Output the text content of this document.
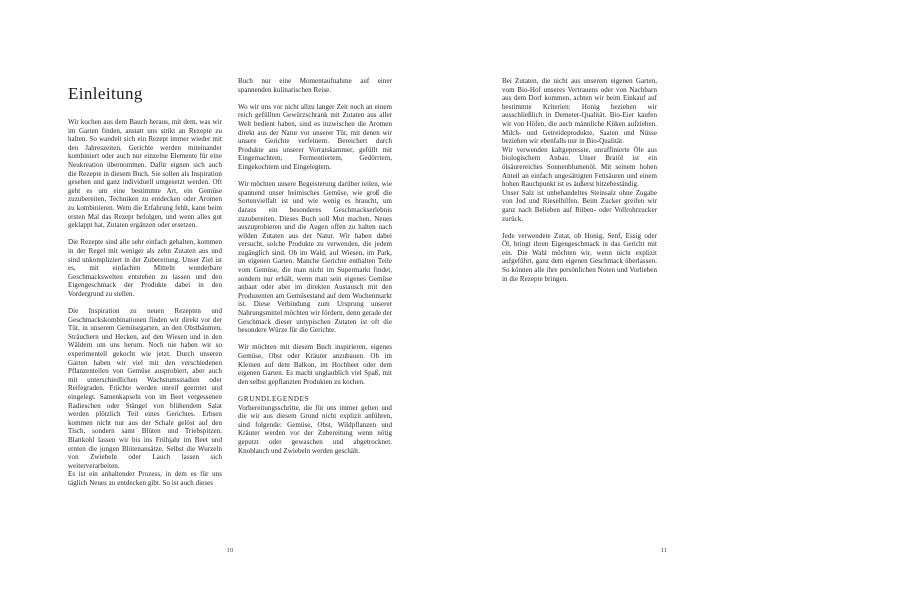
Einleitung

Wir kochen aus dem Bauch heraus, mit dem, was wir im Garten finden, anstatt uns strikt an Rezepte zu halten. So wandelt sich ein Rezept immer wieder mit den Jahreszeiten. Gerichte werden miteinander kombiniert oder auch nur einzelne Elemente für eine Neukreation übernommen. Dafür eignen sich auch die Rezepte in diesem Buch. Sie sollen als Inspiration gesehen und ganz individuell umgesetzt werden. Oft geht es um eine bestimmte Art, ein Gemüse zuzubereiten, Techniken zu entdecken oder Aromen zu kombinieren. Wem die Erfahrung fehlt, kann beim ersten Mal das Rezept befolgen, und wenn alles gut geklappt hat, Zutaten ergänzen oder ersetzen.

Die Rezepte sind alle sehr einfach gehalten, kommen in der Regel mit weniger als zehn Zutaten aus und sind unkompliziert in der Zubereitung. Unser Ziel ist es, mit einfachen Mitteln wunderbare Geschmackswelten entstehen zu lassen und den Eigengeschmack der Produkte dabei in den Vordergrund zu stellen.

Die Inspiration zu neuen Rezepten und Geschmackskombinationen finden wir direkt vor der Tür, in unserem Gemüsegarten, an den Obstbäumen, Sträuchern und Hecken, auf den Wiesen und in den Wäldern um uns herum. Noch nie haben wir so experimentell gekocht wie jetzt. Durch unseren Garten haben wir viel mit den verschiedenen Pflanzenteilen von Gemüse ausprobiert, aber auch mit unterschiedlichen Wachstumsstadien oder Reifegraden. Früchte werden unreif geerntet und eingelegt. Samenkapseln von im Beet vergessenen Radieschen oder Stängel von blühendem Salat werden plötzlich Teil eines Gerichtes. Erbsen kommen nicht nur aus der Schale gelöst auf den Tisch, sondern samt Blüten und Triebspitzen. Blattkohl lassen wir bis ins Frühjahr im Beet und ernten die jungen Blütenansätze. Selbst die Wurzeln von Zwiebeln oder Lauch lassen sich weiterverarbeiten.

Es ist ein anhaltender Prozess, in dem es für uns täglich Neues zu entdecken gibt. So ist auch dieses

Buch nur eine Momentaufnahme auf einer spannenden kulinarischen Reise.

Wo wir uns vor nicht allzu langer Zeit noch an einem reich gefüllten Gewürzschrank mit Zutaten aus aller Welt bedient haben, sind es inzwischen die Aromen direkt aus der Natur vor unserer Tür, mit denen wir unsere Gerichte verfeinern. Bereichert durch Produkte aus unserer Vorratskammer, gefüllt mit Eingemachtem, Fermentiertem, Gedörrtem, Eingekochtem und Eingelegtem.

Wir möchten unsere Begeisterung darüber teilen, wie spannend unser heimisches Gemüse, wie groß die Sortenvielfalt ist und wie wenig es braucht, um daraus ein besonderes Geschmackserlebnis zuzubereiten. Dieses Buch soll Mut machen, Neues auszuprobieren und die Augen offen zu halten nach wilden Zutaten aus der Natur. Wir haben dabei versucht, solche Produkte zu verwenden, die jedem zugänglich sind. Ob im Wald, auf Wiesen, im Park, im eigenen Garten. Manche Gerichte enthalten Teile vom Gemüse, die man nicht im Supermarkt findet, sondern nur erhält, wenn man sein eigenes Gemüse anbaut oder aber im direkten Austausch mit den Produzenten am Gemüsestand auf dem Wochenmarkt ist. Diese Verbindung zum Ursprung unserer Nahrungsmittel möchten wir fördern, denn gerade der Geschmack dieser untypischen Zutaten ist oft die besondere Würze für die Gerichte.

Wir möchten mit diesem Buch inspirieren, eigenes Gemüse, Obst oder Kräuter anzubauen. Ob im Kleinen auf dem Balkon, im Hochbeet oder dem eigenen Garten. Es macht unglaublich viel Spaß, mit den selbst gepflanzten Produkten zu kochen.

GRUNDLEGENDES

Vorbereitungsschritte, die für uns immer gelten und die wir aus diesem Grund nicht explizit anführen, sind folgende: Gemüse, Obst, Wildpflanzen und Kräuter werden vor der Zubereitung wenn nötig geputzt oder gewaschen und abgetrocknet. Knoblauch und Zwiebeln werden geschält.

Bei Zutaten, die nicht aus unserem eigenen Garten, vom Bio-Hof unseres Vertrauens oder von Nachbarn aus dem Dorf kommen, achten wir beim Einkauf auf bestimmte Kriterien: Honig beziehen wir ausschließlich in Demeter-Qualität. Bio-Eier kaufen wir von Höfen, die auch männliche Küken aufziehen. Milch- und Getreideprodukte, Saaten und Nüsse beziehen wir ebenfalls nur in Bio-Qualität.

Wir verwenden kaltgepresste, unraffinierte Öle aus biologischem Anbau. Unser Bratöl ist ein ölsäurereiches Sonnenblumenöl. Mit seinem hohen Anteil an einfach ungesättigten Fettsäuren und einem hohen Rauchpunkt ist es äußerst hitzebeständig.

Unser Salz ist unbehandeltes Steinsalz ohne Zugabe von Jod und Rieselhilfen. Beim Zucker greifen wir ganz nach Belieben auf Rüben- oder Vollrohrzucker zurück.

Jede verwendete Zutat, ob Honig, Senf, Essig oder Öl, bringt ihren Eigengeschmack in das Gericht mit ein. Die Wahl möchten wir, wenn nicht explizit aufgeführt, ganz dem eigenen Geschmack überlassen. So können alle ihre persönlichen Noten und Vorlieben in die Rezepte bringen.

10	11
